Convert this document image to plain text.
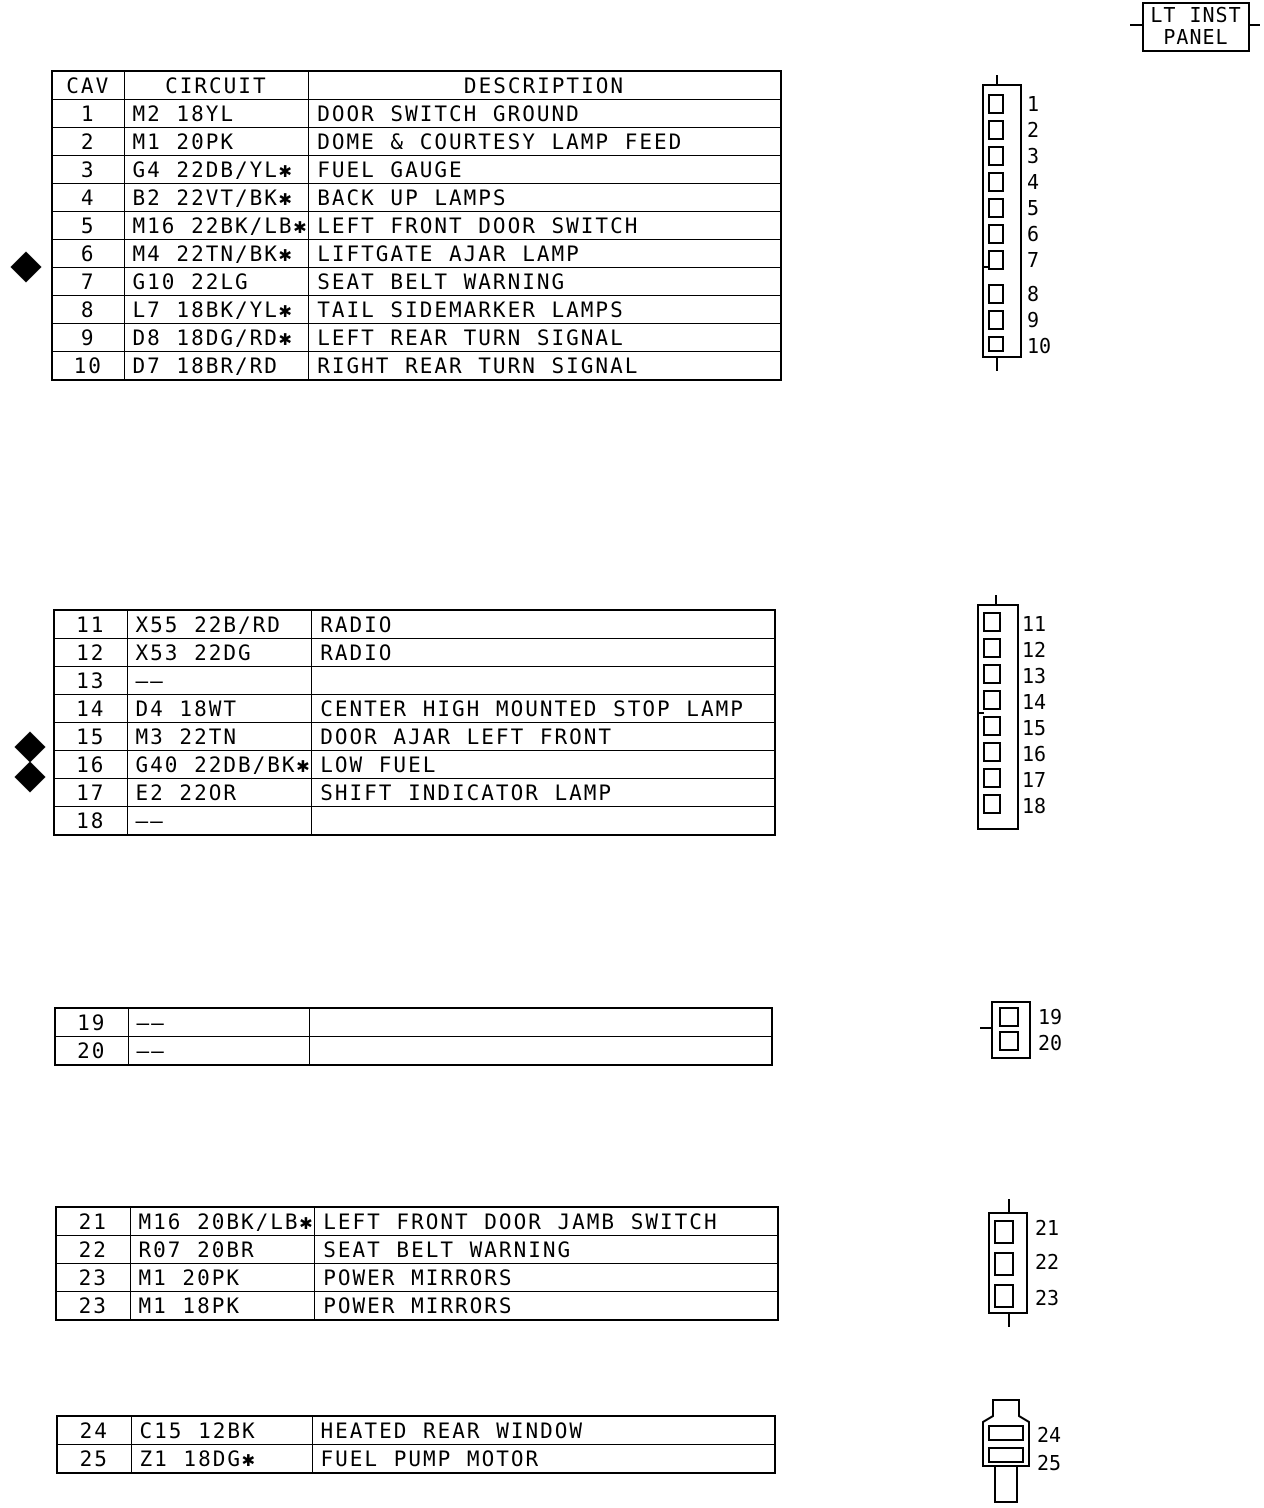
LT INST
PANEL
CAV	CIRCUIT	DESCRIPTION
1	M2 18YL	DOOR SWITCH GROUND
2	M1 20PK	DOME & COURTESY LAMP FEED
3	G4 22DB/YL✱	FUEL GAUGE
4	B2 22VT/BK✱	BACK UP LAMPS
5	M16 22BK/LB✱	LEFT FRONT DOOR SWITCH
6	M4 22TN/BK✱	LIFTGATE AJAR LAMP
7	G10 22LG	SEAT BELT WARNING
8	L7 18BK/YL✱	TAIL SIDEMARKER LAMPS
9	D8 18DG/RD✱	LEFT REAR TURN SIGNAL
10	D7 18BR/RD	RIGHT REAR TURN SIGNAL
11	X55 22B/RD	RADIO
12	X53 22DG	RADIO
13	——	
14	D4 18WT	CENTER HIGH MOUNTED STOP LAMP
15	M3 22TN	DOOR AJAR LEFT FRONT
16	G40 22DB/BK✱	LOW FUEL
17	E2 22OR	SHIFT INDICATOR LAMP
18	——	
19	——	
20	——	
21	M16 20BK/LB✱	LEFT FRONT DOOR JAMB SWITCH
22	R07 20BR	SEAT BELT WARNING
23	M1 20PK	POWER MIRRORS
23	M1 18PK	POWER MIRRORS
24	C15 12BK	HEATED REAR WINDOW
25	Z1 18DG✱	FUEL PUMP MOTOR
1
2
3
4
5
6
7
8
9
10
11
12
13
14
15
16
17
18
19
20
21
22
23
24
25
